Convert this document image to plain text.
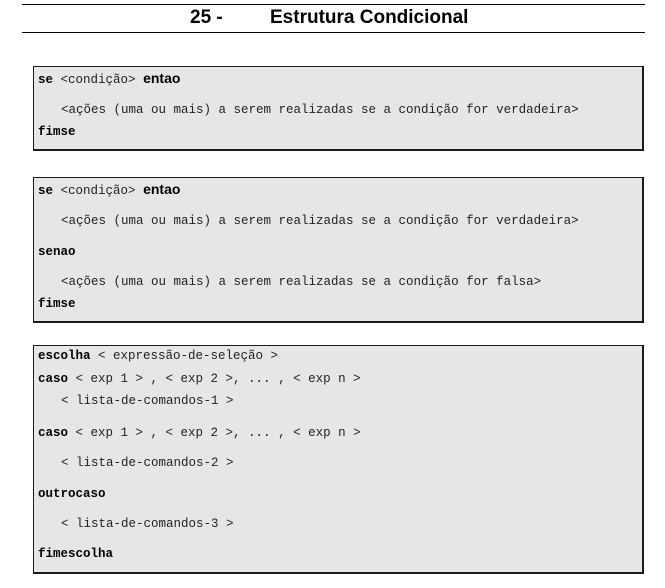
25 - Estrutura Condicional
se <condição> entao
<ações (uma ou mais) a serem realizadas se a condição for verdadeira>
fimse
se <condição> entao
<ações (uma ou mais) a serem realizadas se a condição for verdadeira>
senao
<ações (uma ou mais) a serem realizadas se a condição for falsa>
fimse
escolha < expressão-de-seleção >
caso < exp 1 > , < exp 2 >, ... , < exp n >
< lista-de-comandos-1 >
caso < exp 1 > , < exp 2 >, ... , < exp n >
< lista-de-comandos-2 >
outrocaso
< lista-de-comandos-3 >
fimescolha
